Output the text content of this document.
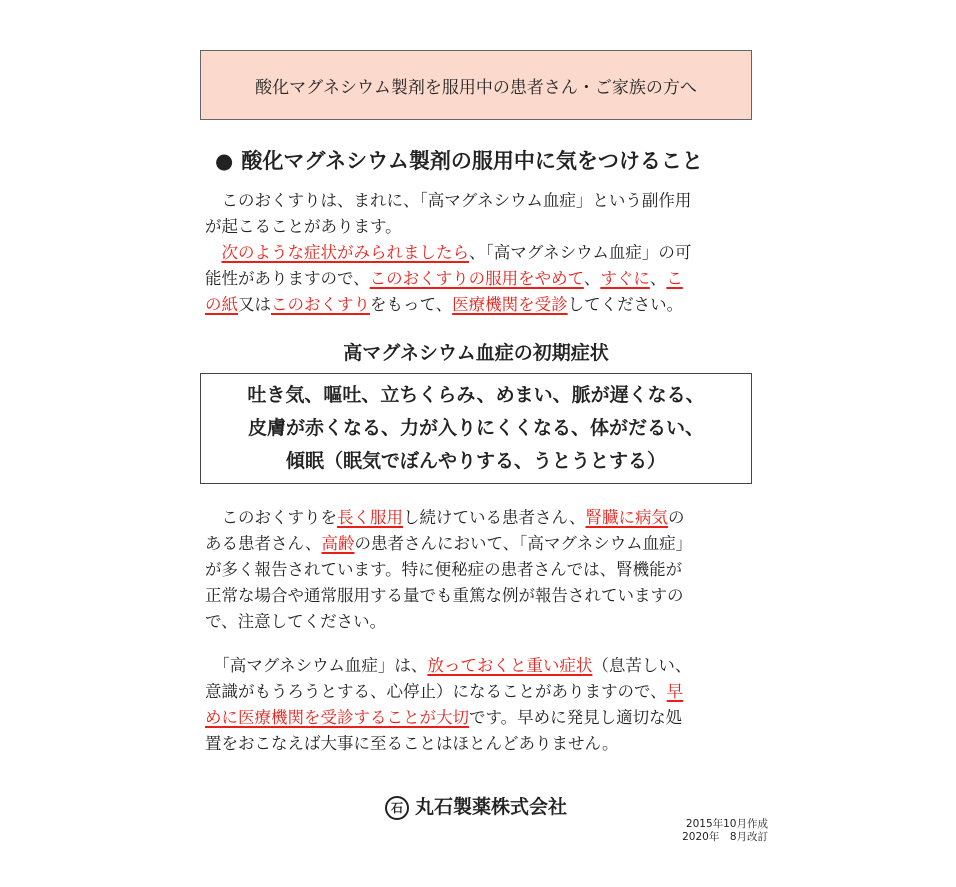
酸化マグネシウム製剤を服用中の患者さん・ご家族の方へ
● 酸化マグネシウム製剤の服用中に気をつけること
　このおくすりは、まれに、「高マグネシウム血症」という副作用
が起こることがあります。
　次のような症状がみられましたら、「高マグネシウム血症」の可
能性がありますので、このおくすりの服用をやめて、すぐに、こ
の紙又はこのおくすりをもって、医療機関を受診してください。
高マグネシウム血症の初期症状
吐き気、嘔吐、立ちくらみ、めまい、脈が遅くなる、
皮膚が赤くなる、力が入りにくくなる、体がだるい、
傾眠（眠気でぼんやりする、うとうとする）
　このおくすりを長く服用し続けている患者さん、腎臓に病気の
ある患者さん、高齢の患者さんにおいて、「高マグネシウム血症」
が多く報告されています。特に便秘症の患者さんでは、腎機能が
正常な場合や通常服用する量でも重篤な例が報告されていますの
で、注意してください。
　「高マグネシウム血症」は、放っておくと重い症状（息苦しい、
意識がもうろうとする、心停止）になることがありますので、早
めに医療機関を受診することが大切です。早めに発見し適切な処
置をおこなえば大事に至ることはほとんどありません。
石 丸石製薬株式会社
2015年10月作成
2020年　8月改訂
